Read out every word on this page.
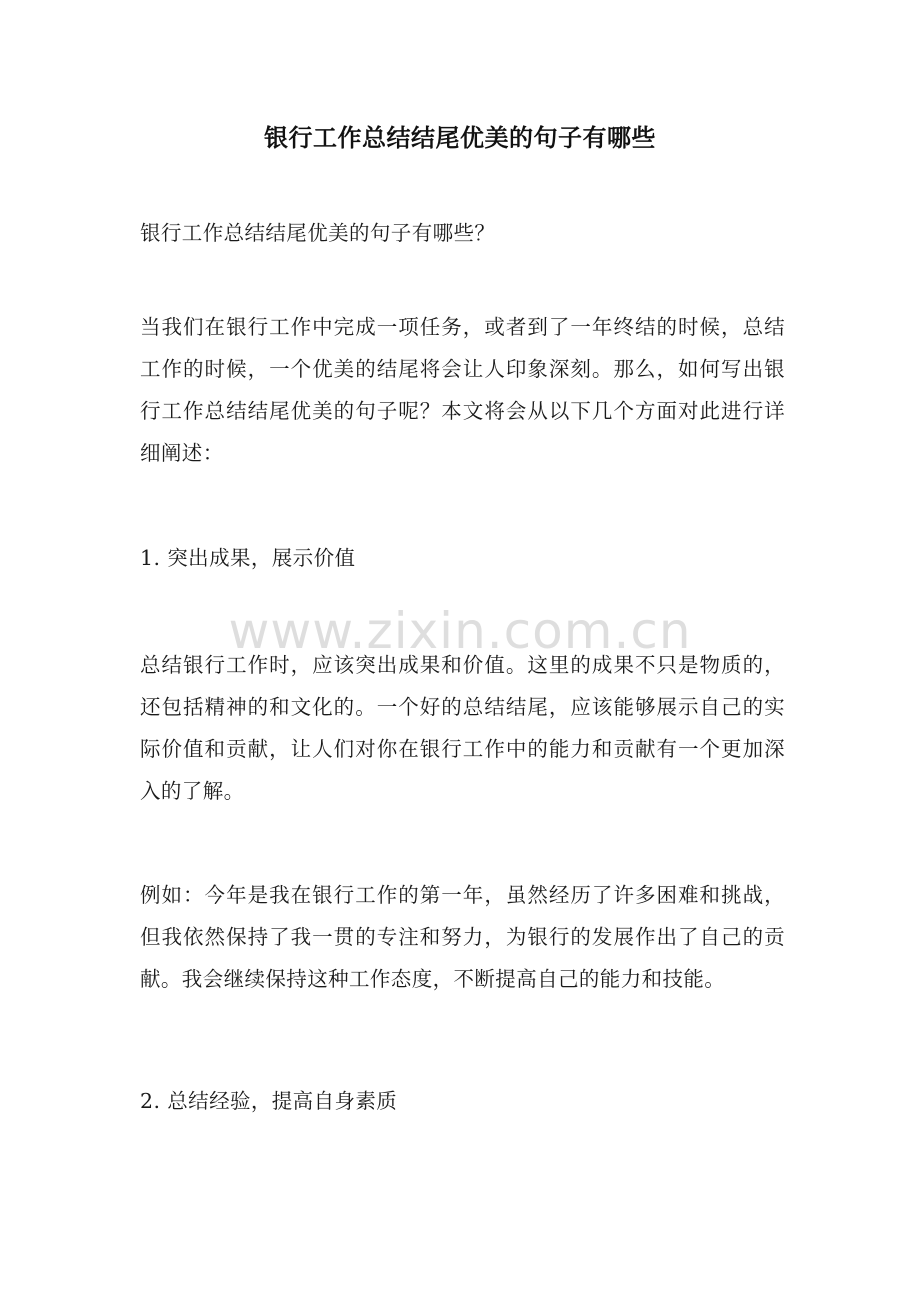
银行工作总结结尾优美的句子有哪些
银行工作总结结尾优美的句子有哪些？
当我们在银行工作中完成一项任务，或者到了一年终结的时候，总结工作的时候，一个优美的结尾将会让人印象深刻。那么，如何写出银行工作总结结尾优美的句子呢？本文将会从以下几个方面对此进行详细阐述：
1. 突出成果，展示价值
www.zixin.com.cn
总结银行工作时，应该突出成果和价值。这里的成果不只是物质的，还包括精神的和文化的。一个好的总结结尾，应该能够展示自己的实际价值和贡献，让人们对你在银行工作中的能力和贡献有一个更加深入的了解。
例如：今年是我在银行工作的第一年，虽然经历了许多困难和挑战，但我依然保持了我一贯的专注和努力，为银行的发展作出了自己的贡献。我会继续保持这种工作态度，不断提高自己的能力和技能。
2. 总结经验，提高自身素质
